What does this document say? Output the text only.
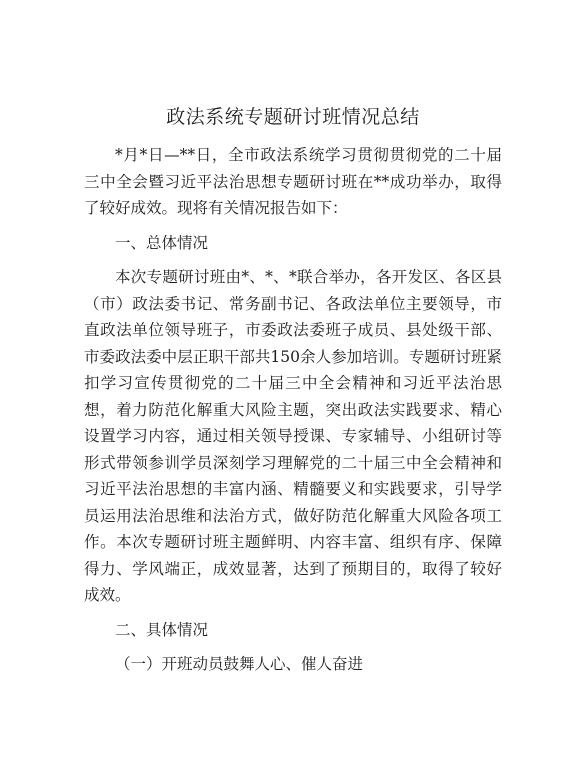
政法系统专题研讨班情况总结

*月*日—**日，全市政法系统学习贯彻贯彻党的二十届三中全会暨习近平法治思想专题研讨班在**成功举办，取得了较好成效。现将有关情况报告如下：

一、总体情况

本次专题研讨班由*、*、*联合举办，各开发区、各区县（市）政法委书记、常务副书记、各政法单位主要领导，市直政法单位领导班子，市委政法委班子成员、县处级干部、市委政法委中层正职干部共150余人参加培训。专题研讨班紧扣学习宣传贯彻党的二十届三中全会精神和习近平法治思想，着力防范化解重大风险主题，突出政法实践要求、精心设置学习内容，通过相关领导授课、专家辅导、小组研讨等形式带领参训学员深刻学习理解党的二十届三中全会精神和习近平法治思想的丰富内涵、精髓要义和实践要求，引导学员运用法治思维和法治方式，做好防范化解重大风险各项工作。本次专题研讨班主题鲜明、内容丰富、组织有序、保障得力、学风端正，成效显著，达到了预期目的，取得了较好成效。

二、具体情况
（一）开班动员鼓舞人心、催人奋进
